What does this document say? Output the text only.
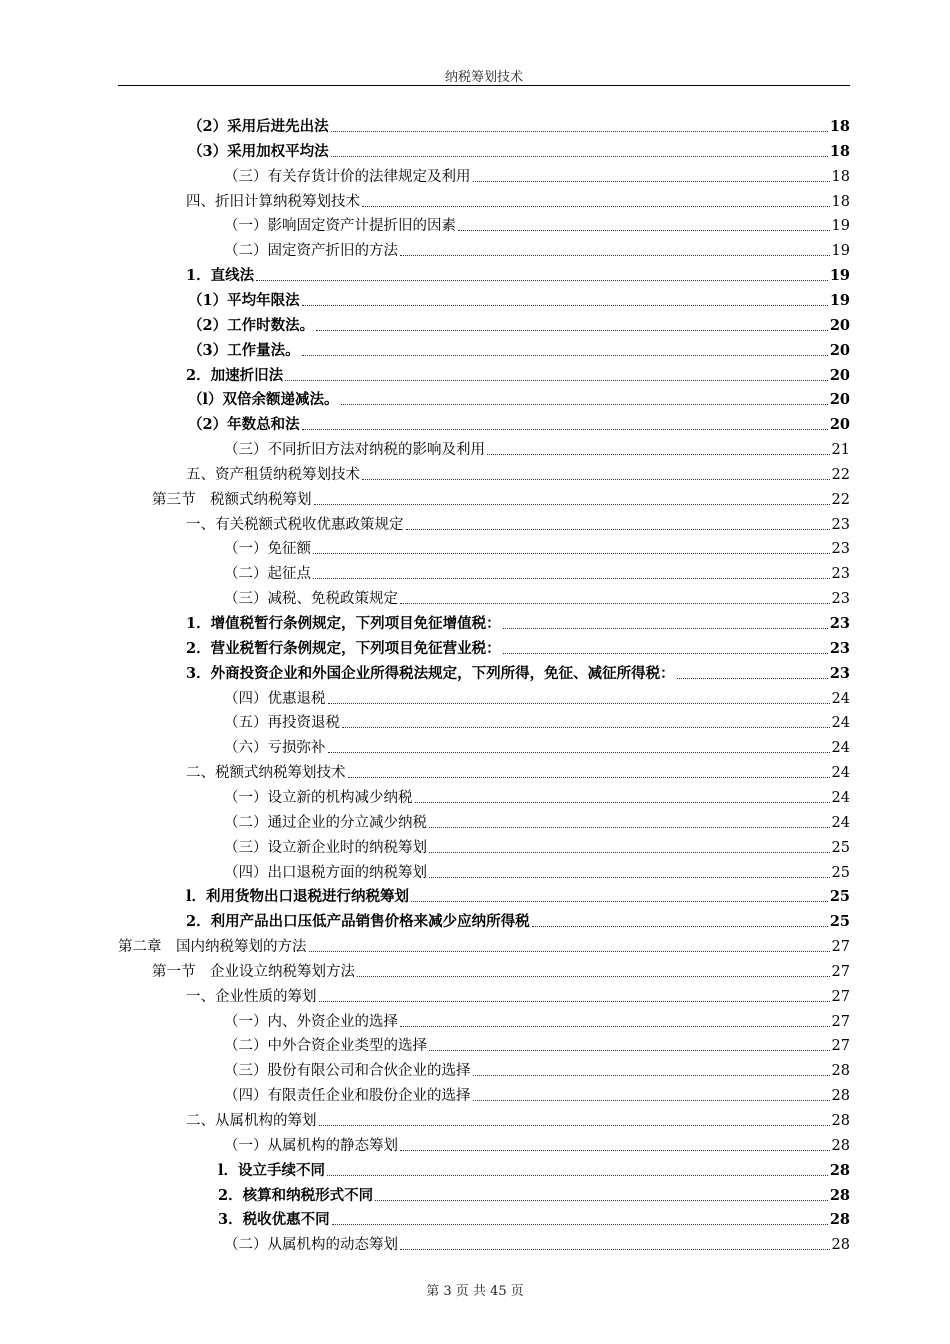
纳税筹划技术
（2）采用后进先出法	18
（3）采用加权平均法	18
（三）有关存货计价的法律规定及利用	18
四、折旧计算纳税筹划技术	18
（一）影响固定资产计提折旧的因素	19
（二）固定资产折旧的方法	19
1．直线法	19
（1）平均年限法	19
（2）工作时数法。	20
（3）工作量法。	20
2．加速折旧法	20
（l）双倍余额递减法。	20
（2）年数总和法	20
（三）不同折旧方法对纳税的影响及利用	21
五、资产租赁纳税筹划技术	22
第三节　税额式纳税筹划	22
一、有关税额式税收优惠政策规定	23
（一）免征额	23
（二）起征点	23
（三）减税、免税政策规定	23
1．增值税暂行条例规定，下列项目免征增值税：	23
2．营业税暂行条例规定，下列项目免征营业税：	23
3．外商投资企业和外国企业所得税法规定，下列所得，免征、减征所得税：	23
（四）优惠退税	24
（五）再投资退税	24
（六）亏损弥补	24
二、税额式纳税筹划技术	24
（一）设立新的机构减少纳税	24
（二）通过企业的分立减少纳税	24
（三）设立新企业时的纳税筹划	25
（四）出口退税方面的纳税筹划	25
l．利用货物出口退税进行纳税筹划	25
2．利用产品出口压低产品销售价格来减少应纳所得税	25
第二章　国内纳税筹划的方法	27
第一节　企业设立纳税筹划方法	27
一、企业性质的筹划	27
（一）内、外资企业的选择	27
（二）中外合资企业类型的选择	27
（三）股份有限公司和合伙企业的选择	28
（四）有限责任企业和股份企业的选择	28
二、从属机构的筹划	28
（一）从属机构的静态筹划	28
l．设立手续不同	28
2．核算和纳税形式不同	28
3．税收优惠不同	28
（二）从属机构的动态筹划	28
第 3 页 共 45 页
